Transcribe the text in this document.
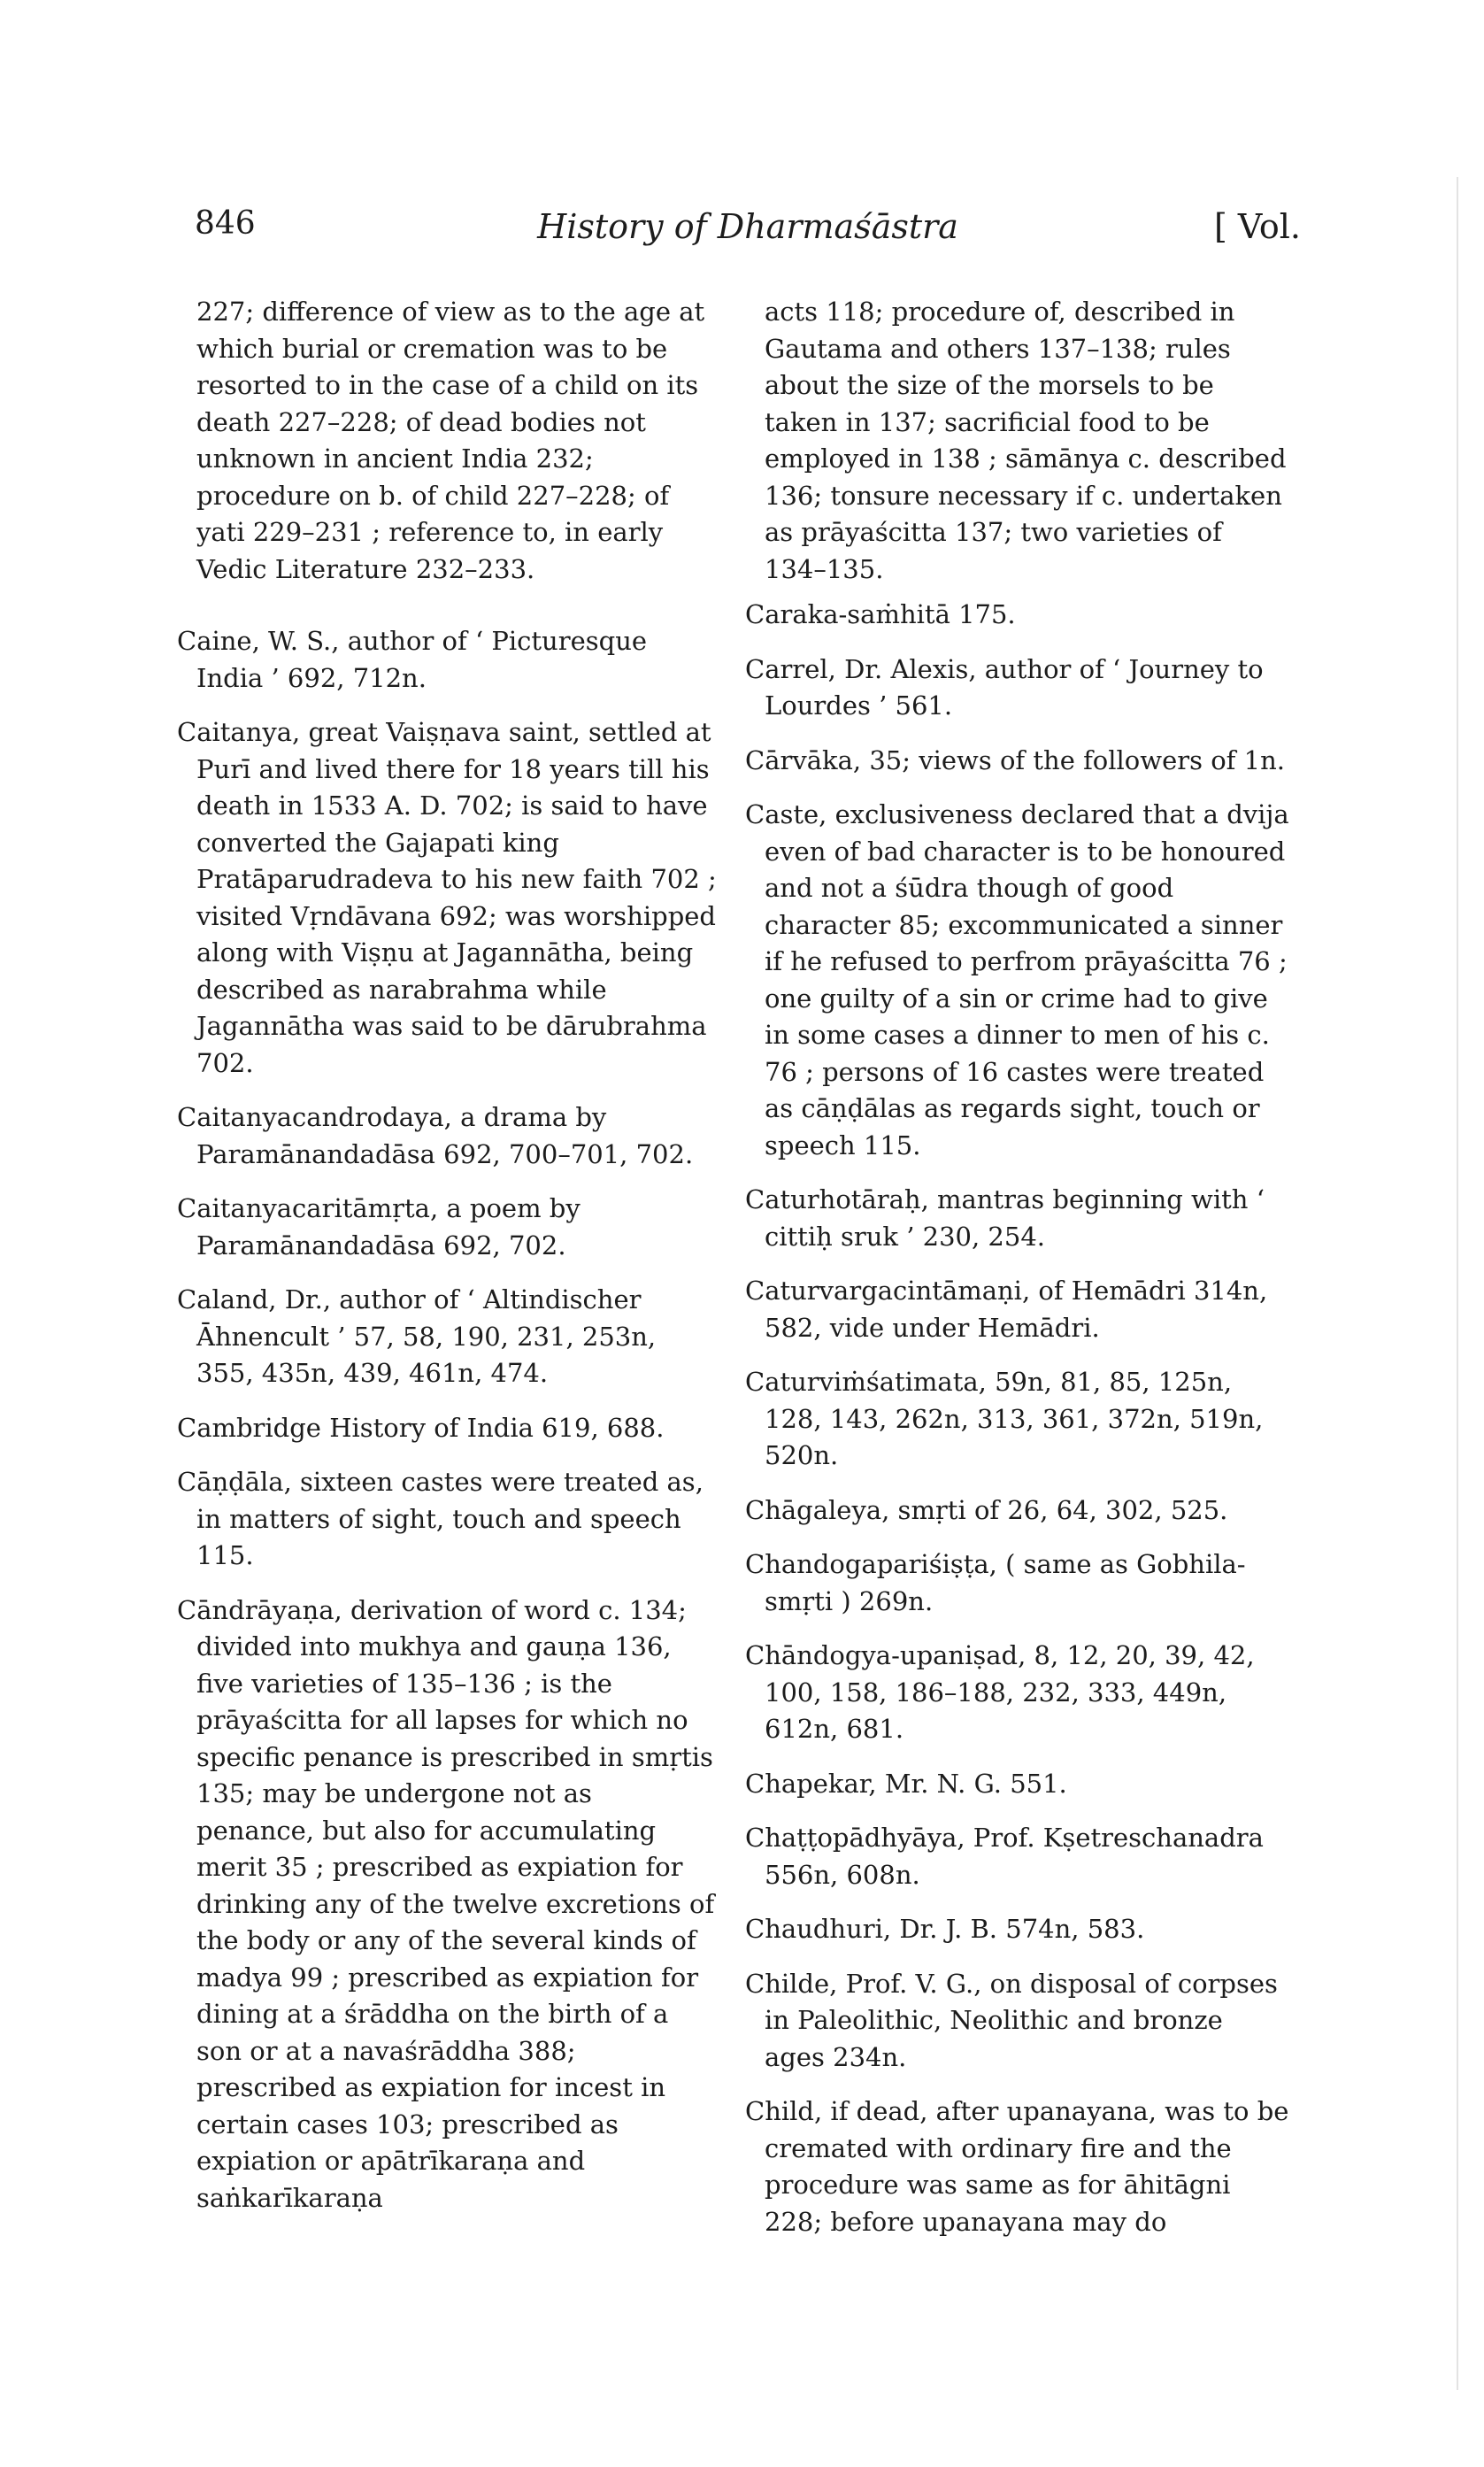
846	History of Dharmaśāstra	[ Vol.

227; difference of view as to the age at which burial or cremation was to be resorted to in the case of a child on its death 227–228; of dead bodies not unknown in ancient India 232; procedure on b. of child 227–228; of yati 229–231 ; reference to, in early Vedic Literature 232–233.

Caine, W. S., author of ‘ Picturesque India ’ 692, 712n.

Caitanya, great Vaiṣṇava saint, settled at Purī and lived there for 18 years till his death in 1533 A. D. 702; is said to have converted the Gajapati king Pratāparudradeva to his new faith 702 ; visited Vṛndāvana 692; was worshipped along with Viṣṇu at Jagannātha, being described as narabrahma while Jagannātha was said to be dārubrahma 702.

Caitanyacandrodaya, a drama by Paramānandadāsa 692, 700–701, 702.

Caitanyacaritāmṛta, a poem by Paramānandadāsa 692, 702.

Caland, Dr., author of ‘ Altindischer Āhnencult ’ 57, 58, 190, 231, 253n, 355, 435n, 439, 461n, 474.

Cambridge History of India 619, 688.

Cāṇḍāla, sixteen castes were treated as, in matters of sight, touch and speech 115.

Cāndrāyaṇa, derivation of word c. 134; divided into mukhya and gauṇa 136, five varieties of 135–136 ; is the prāyaścitta for all lapses for which no specific penance is prescribed in smṛtis 135; may be undergone not as penance, but also for accumulating merit 35 ; prescribed as expiation for drinking any of the twelve excretions of the body or any of the several kinds of madya 99 ; prescribed as expiation for dining at a śrāddha on the birth of a son or at a navaśrāddha 388; prescribed as expiation for incest in certain cases 103; prescribed as expiation or apātrīkaraṇa and saṅkarīkaraṇa

acts 118; procedure of, described in Gautama and others 137–138; rules about the size of the morsels to be taken in 137; sacrificial food to be employed in 138 ; sāmānya c. described 136; tonsure necessary if c. undertaken as prāyaścitta 137; two varieties of 134–135.

Caraka-saṁhitā 175.

Carrel, Dr. Alexis, author of ‘ Journey to Lourdes ’ 561.

Cārvāka, 35; views of the followers of 1n.

Caste, exclusiveness declared that a dvija even of bad character is to be honoured and not a śūdra though of good character 85; excommunicated a sinner if he refused to perfrom prāyaścitta 76 ; one guilty of a sin or crime had to give in some cases a dinner to men of his c. 76 ; persons of 16 castes were treated as cāṇḍālas as regards sight, touch or speech 115.

Caturhotāraḥ, mantras beginning with ‘ cittiḥ sruk ’ 230, 254.

Caturvargacintāmaṇi, of Hemādri 314n, 582, vide under Hemādri.

Caturviṁśatimata, 59n, 81, 85, 125n, 128, 143, 262n, 313, 361, 372n, 519n, 520n.

Chāgaleya, smṛti of 26, 64, 302, 525.

Chandogapariśiṣṭa, ( same as Gobhila-smṛti ) 269n.

Chāndogya-upaniṣad, 8, 12, 20, 39, 42, 100, 158, 186–188, 232, 333, 449n, 612n, 681.

Chapekar, Mr. N. G. 551.

Chaṭṭopādhyāya, Prof. Kṣetreschanadra 556n, 608n.

Chaudhuri, Dr. J. B. 574n, 583.

Childe, Prof. V. G., on disposal of corpses in Paleolithic, Neolithic and bronze ages 234n.

Child, if dead, after upanayana, was to be cremated with ordinary fire and the procedure was same as for āhitāgni 228; before upanayana may do
